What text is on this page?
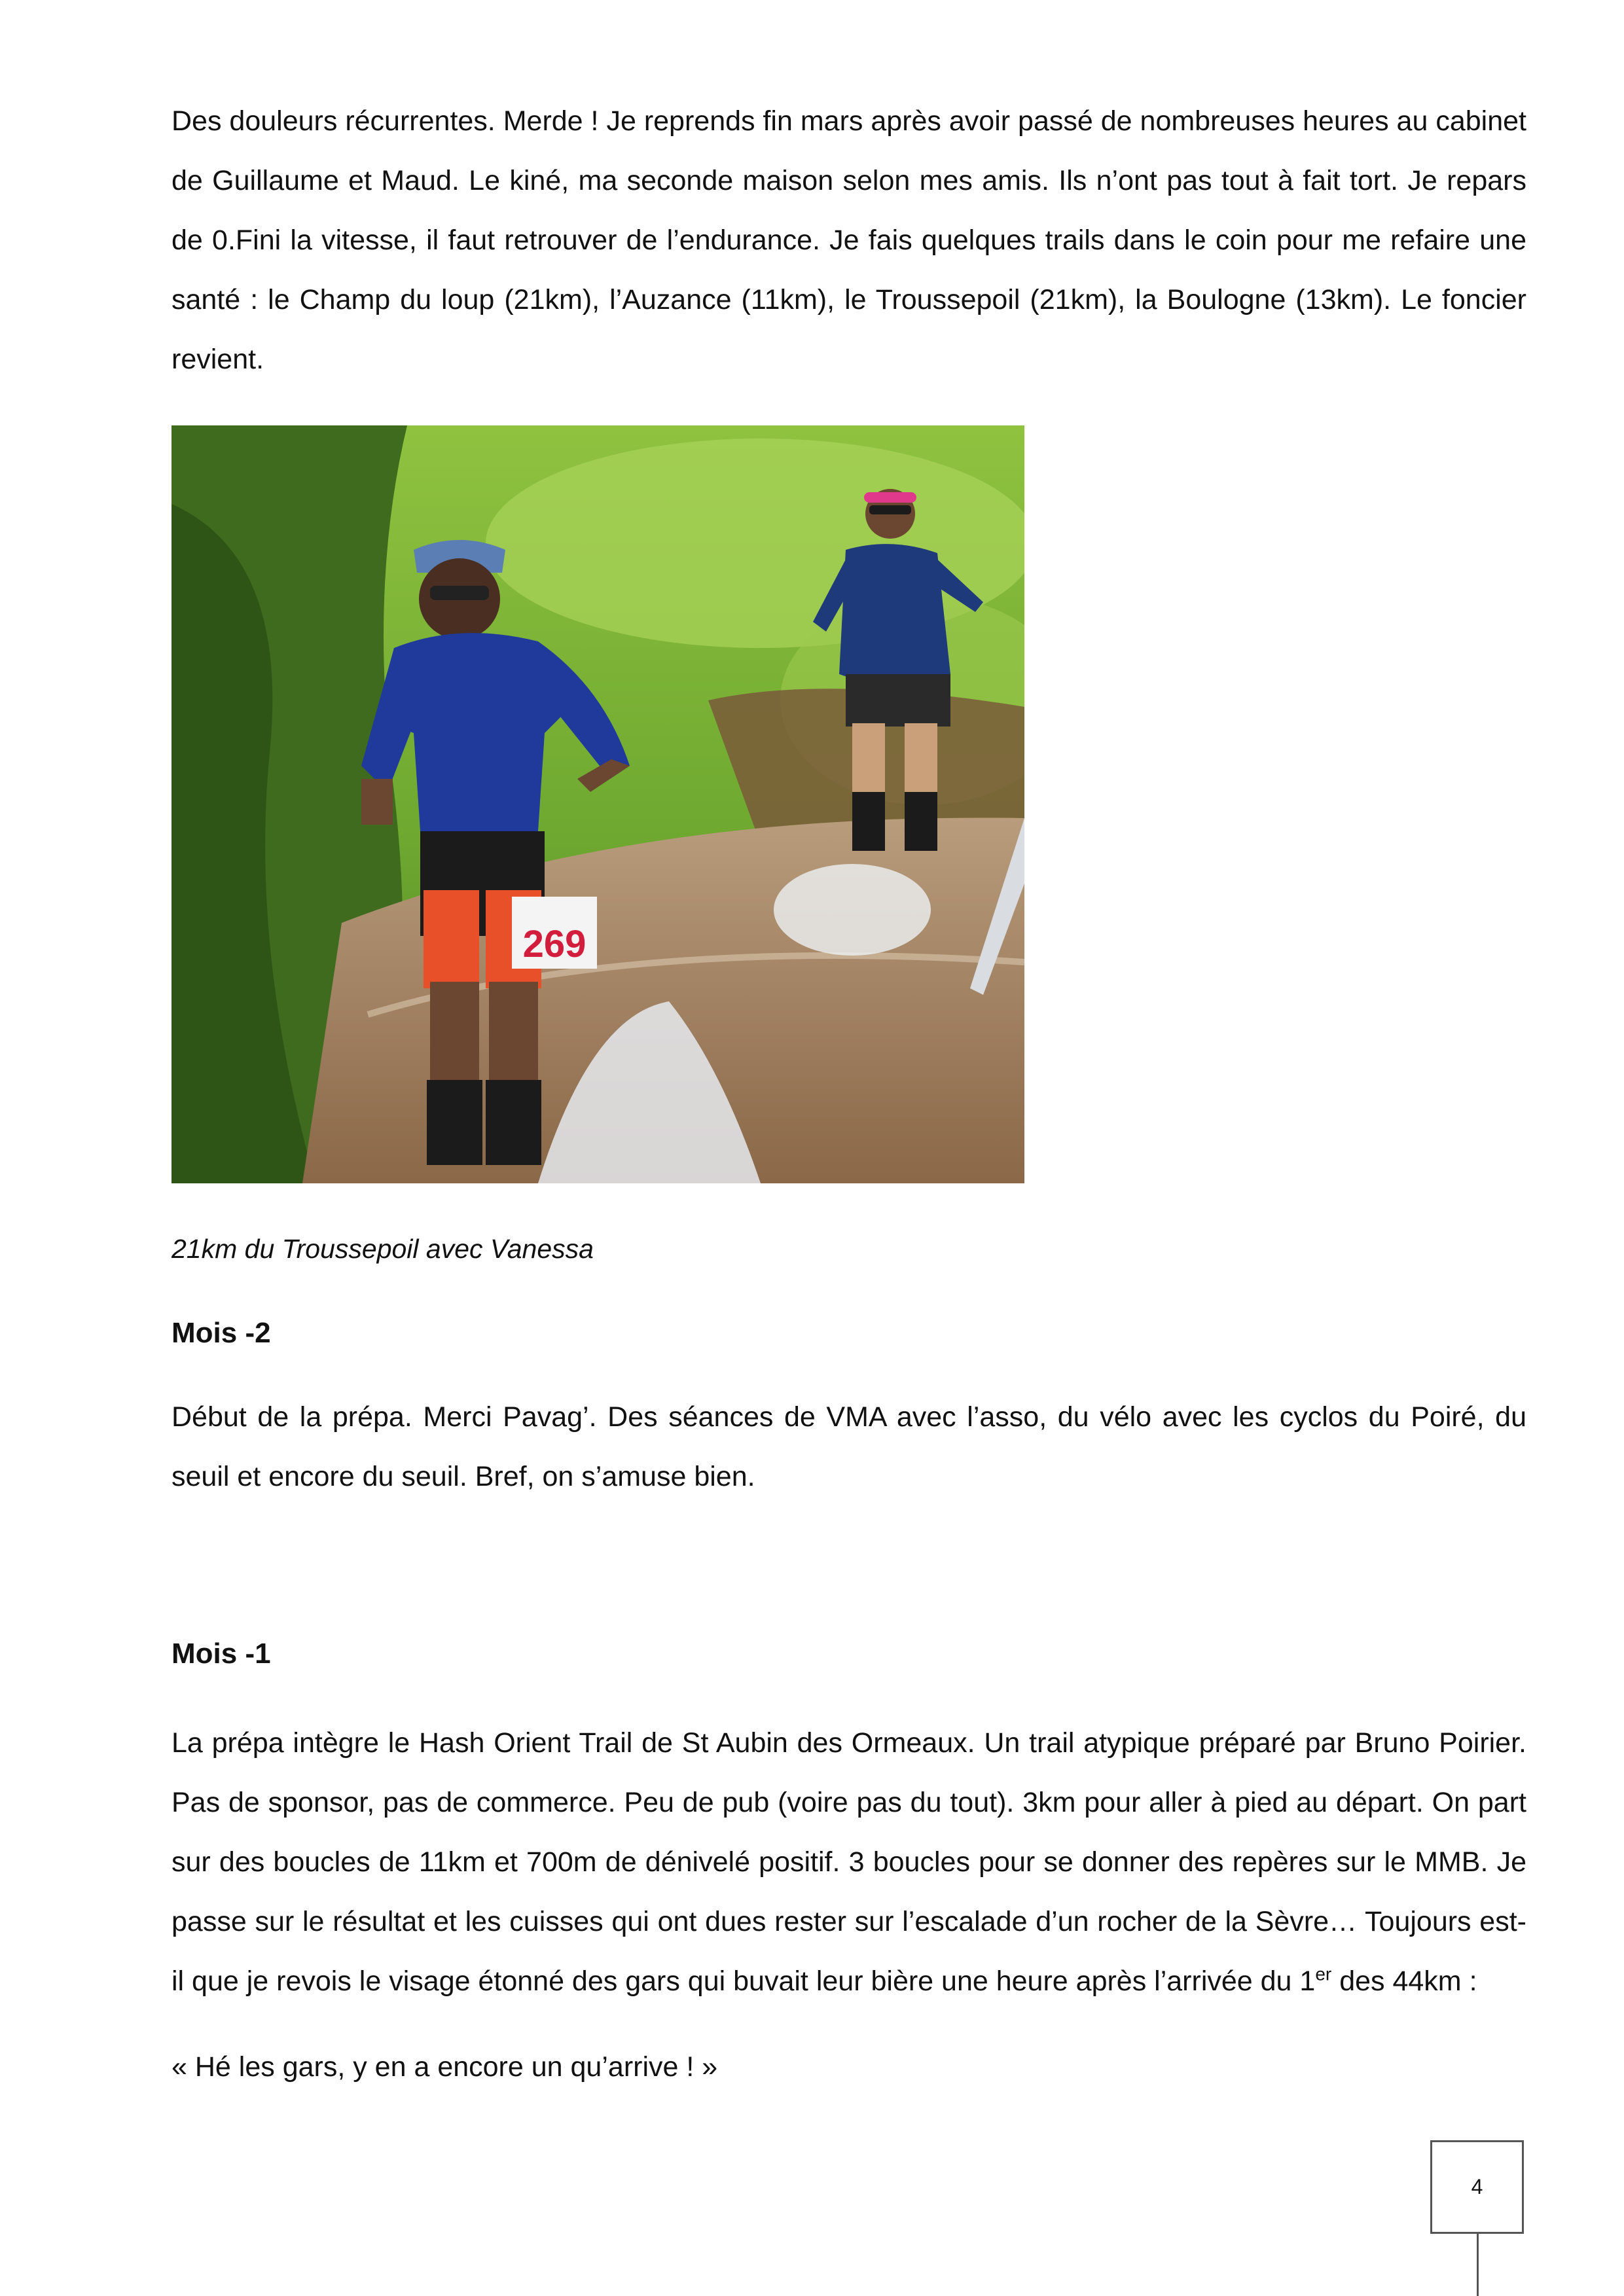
Des douleurs récurrentes. Merde ! Je reprends fin mars après avoir passé de nombreuses heures au cabinet de Guillaume et Maud. Le kiné, ma seconde maison selon mes amis. Ils n’ont pas tout à fait tort. Je repars de 0.Fini la vitesse, il faut retrouver de l’endurance. Je fais quelques trails dans le coin pour me refaire une santé : le Champ du loup (21km), l’Auzance (11km), le Troussepoil (21km), la Boulogne (13km). Le foncier revient.

269
21km du Troussepoil avec Vanessa
Mois -2

Début de la prépa. Merci Pavag’. Des séances de VMA avec l’asso, du vélo avec les cyclos du Poiré, du seuil et encore du seuil. Bref, on s’amuse bien.

Mois -1

La prépa intègre le Hash Orient Trail de St Aubin des Ormeaux. Un trail atypique préparé par Bruno Poirier. Pas de sponsor, pas de commerce. Peu de pub (voire pas du tout). 3km pour aller à pied au départ. On part sur des boucles de 11km et 700m de dénivelé positif. 3 boucles pour se donner des repères sur le MMB. Je passe sur le résultat et les cuisses qui ont dues rester sur l’escalade d’un rocher de la Sèvre… Toujours est-il que je revois le visage étonné des gars qui buvait leur bière une heure après l’arrivée du 1er des 44km :

« Hé les gars, y en a encore un qu’arrive ! »

4
